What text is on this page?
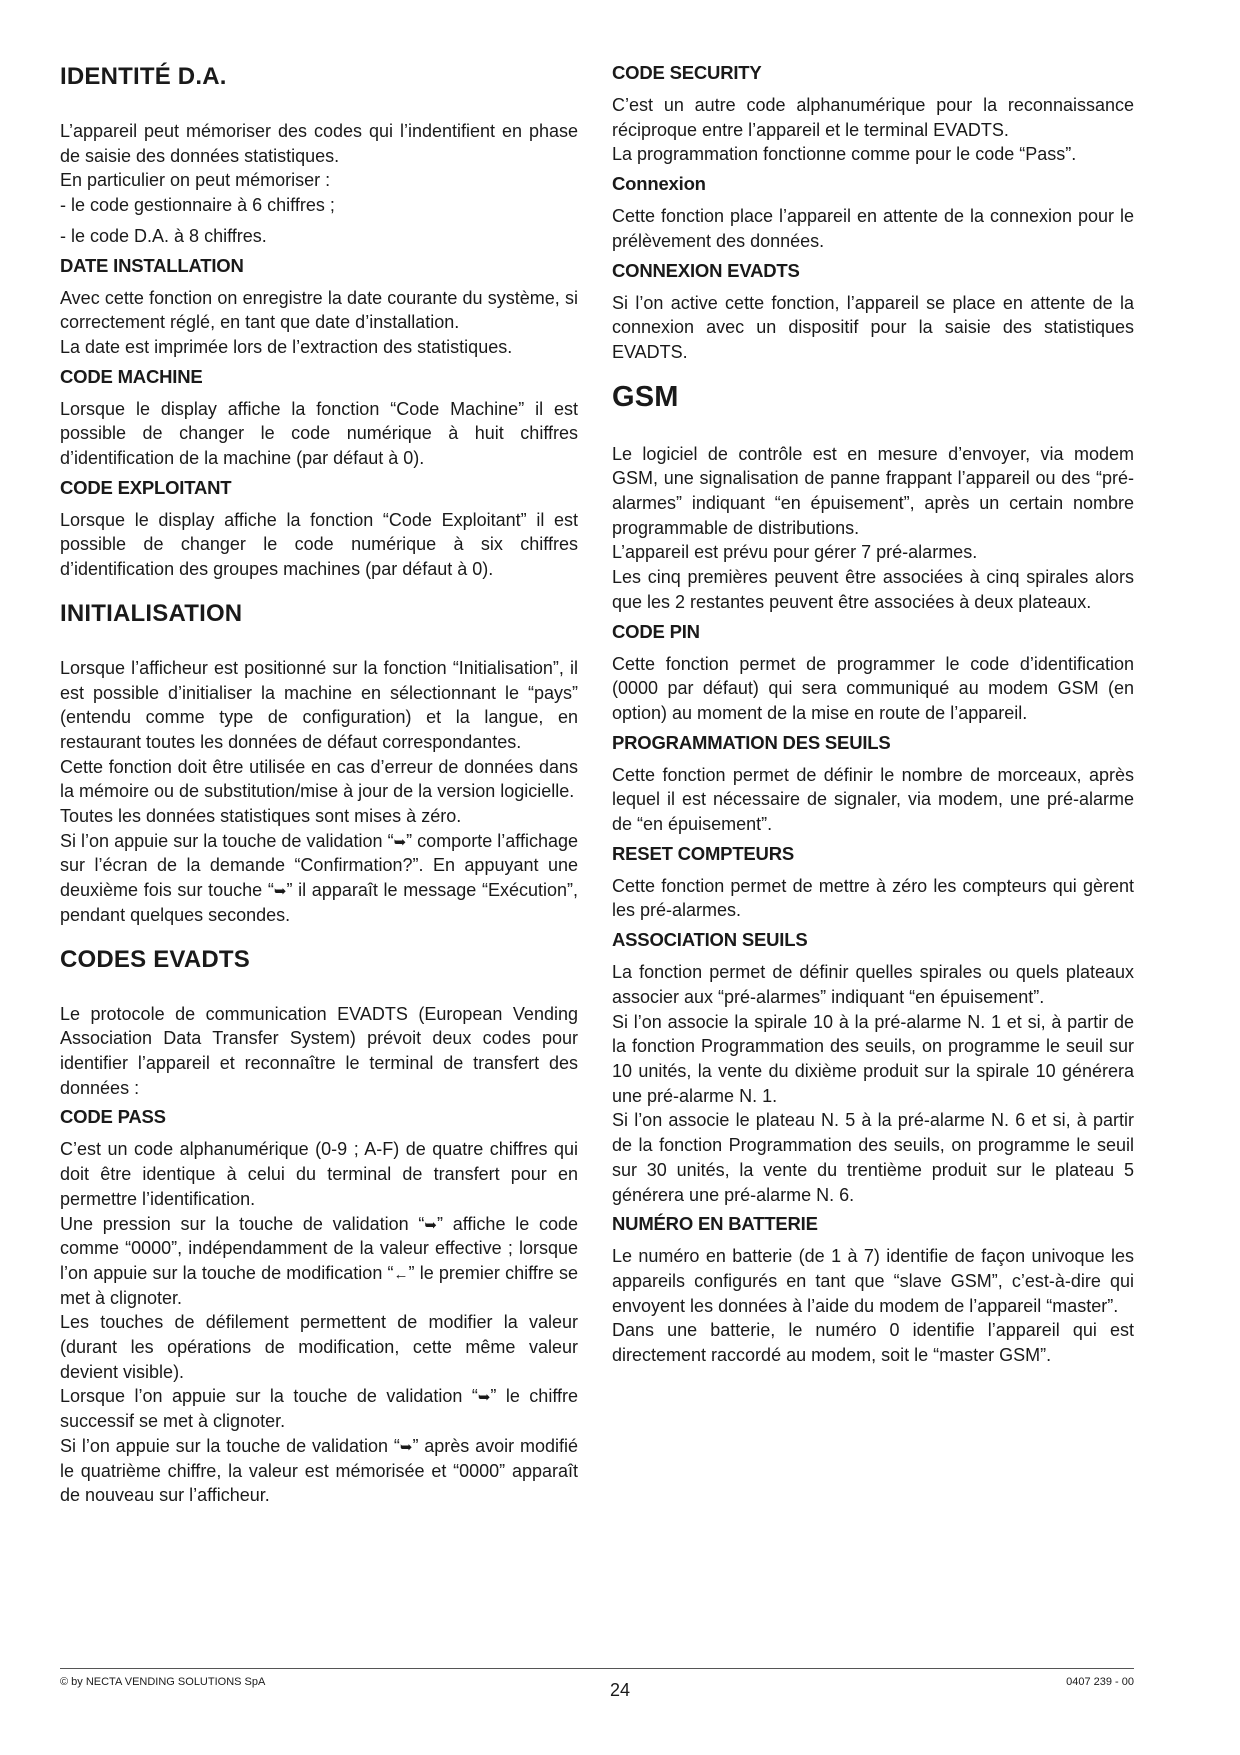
IDENTITÉ D.A.

L’appareil peut mémoriser des codes qui l’indentifient en phase de saisie des données statistiques.

En particulier on peut mémoriser :

- le code gestionnaire à 6 chiffres ;

- le code D.A. à 8 chiffres.

DATE INSTALLATION

Avec cette fonction on enregistre la date courante du système, si correctement réglé, en tant que date d’installation.

La date est imprimée lors de l’extraction des statistiques.

CODE MACHINE

Lorsque le display affiche la fonction “Code Machine” il est possible de changer le code numérique à huit chiffres d’identification de la machine (par défaut à 0).

CODE EXPLOITANT

Lorsque le display affiche la fonction “Code Exploitant” il est possible de changer le code numérique à six chiffres d’identification des groupes machines (par défaut à 0).

INITIALISATION

Lorsque l’afficheur est positionné sur la fonction “Initialisation”, il est possible d’initialiser la machine en sélectionnant le “pays” (entendu comme type de configuration) et la langue, en restaurant toutes les données de défaut correspondantes.

Cette fonction doit être utilisée en cas d’erreur de données dans la mémoire ou de substitution/mise à jour de la version logicielle.

Toutes les données statistiques sont mises à zéro.

Si l’on appuie sur la touche de validation “➥” comporte l’affichage sur l’écran de la demande “Confirmation?”. En appuyant une deuxième fois sur touche “➥” il apparaît le message “Exécution”, pendant quelques secondes.

CODES EVADTS

Le protocole de communication EVADTS (European Vending Association Data Transfer System) prévoit deux codes pour identifier l’appareil et reconnaître le terminal de transfert des données :

CODE PASS

C’est un code alphanumérique (0-9 ; A-F) de quatre chiffres qui doit être identique à celui du terminal de transfert pour en permettre l’identification.

Une pression sur la touche de validation “➥” affiche le code comme “0000”, indépendamment de la valeur effective ; lorsque l’on appuie sur la touche de modification “←” le premier chiffre se met à clignoter.

Les touches de défilement permettent de modifier la valeur (durant les opérations de modification, cette même valeur devient visible).

Lorsque l’on appuie sur la touche de validation “➥” le chiffre successif se met à clignoter.

Si l’on appuie sur la touche de validation “➥” après avoir modifié le quatrième chiffre, la valeur est mémorisée et “0000” apparaît de nouveau sur l’afficheur.

CODE SECURITY

C’est un autre code alphanumérique pour la reconnaissance réciproque entre l’appareil et le terminal EVADTS.

La programmation fonctionne comme pour le code “Pass”.

Connexion

Cette fonction place l’appareil en attente de la connexion pour le prélèvement des données.

CONNEXION EVADTS

Si l’on active cette fonction, l’appareil se place en attente de la connexion avec un dispositif pour la saisie des statistiques EVADTS.

GSM

Le logiciel de contrôle est en mesure d’envoyer, via modem GSM, une signalisation de panne frappant l’appareil ou des “pré-alarmes” indiquant “en épuisement”, après un certain nombre programmable de distributions.

L’appareil est prévu pour gérer 7 pré-alarmes.

Les cinq premières peuvent être associées à cinq spirales alors que les 2 restantes peuvent être associées à deux plateaux.

CODE PIN

Cette fonction permet de programmer le code d’identification (0000 par défaut) qui sera communiqué au modem GSM (en option) au moment de la mise en route de l’appareil.

PROGRAMMATION DES SEUILS

Cette fonction permet de définir le nombre de morceaux, après lequel il est nécessaire de signaler, via modem, une pré-alarme de “en épuisement”.

RESET COMPTEURS

Cette fonction permet de mettre à zéro les compteurs qui gèrent les pré-alarmes.

ASSOCIATION SEUILS

La fonction permet de définir quelles spirales ou quels plateaux associer aux “pré-alarmes” indiquant “en épuisement”.

Si l’on associe la spirale 10 à la pré-alarme N. 1 et si, à partir de la fonction Programmation des seuils, on programme le seuil sur 10 unités, la vente du dixième produit sur la spirale 10 générera une pré-alarme N. 1.

Si l’on associe le plateau N. 5 à la pré-alarme N. 6 et si, à partir de la fonction Programmation des seuils, on programme le seuil sur 30 unités, la vente du trentième produit sur le plateau 5 générera une pré-alarme N. 6.

NUMÉRO EN BATTERIE

Le numéro en batterie (de 1 à 7) identifie de façon univoque les appareils configurés en tant que “slave GSM”, c’est-à-dire qui envoyent les données à l’aide du modem de l’appareil “master”.

Dans une batterie, le numéro 0 identifie l’appareil qui est directement raccordé au modem, soit le “master GSM”.

© by NECTA VENDING SOLUTIONS SpA	24	0407 239 - 00
